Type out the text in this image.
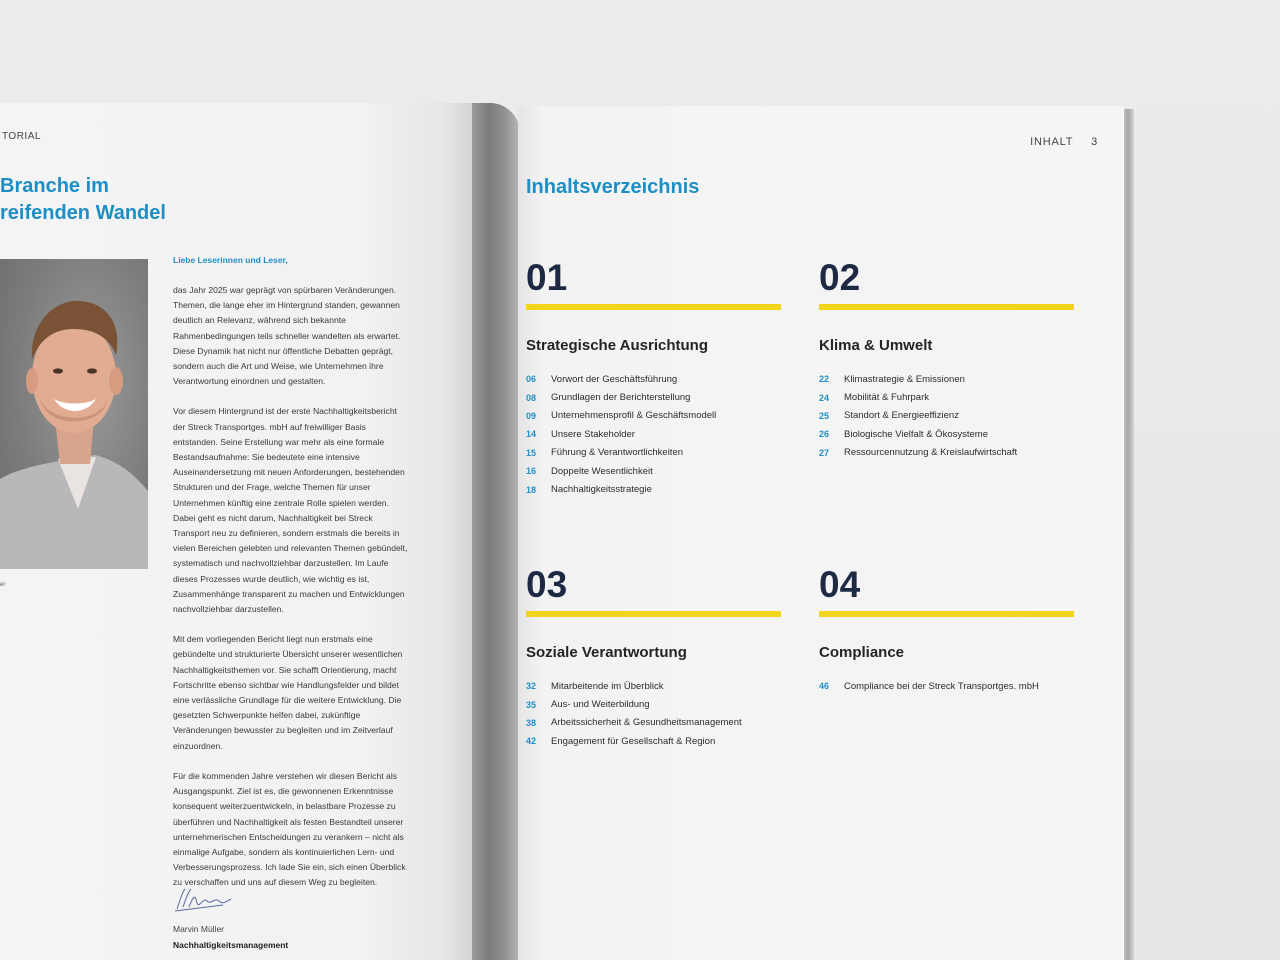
TORIAL
Branche im
reifenden Wandel
er

Liebe Leserinnen und Leser,

das Jahr 2025 war geprägt von spürbaren Veränderungen. Themen, die lange eher im Hintergrund standen, gewannen deutlich an Relevanz, während sich bekannte Rahmenbedingungen teils schneller wandelten als erwartet. Diese Dynamik hat nicht nur öffentliche Debatten geprägt, sondern auch die Art und Weise, wie Unternehmen ihre Verantwortung einordnen und gestalten.

Vor diesem Hintergrund ist der erste Nachhaltigkeitsbericht der Streck Transportges. mbH auf freiwilliger Basis entstanden. Seine Erstellung war mehr als eine formale Bestandsaufnahme: Sie bedeutete eine intensive Auseinandersetzung mit neuen Anforderungen, bestehenden Strukturen und der Frage, welche Themen für unser Unternehmen künftig eine zentrale Rolle spielen werden. Dabei geht es nicht darum, Nachhaltigkeit bei Streck Transport neu zu definieren, sondern erstmals die bereits in vielen Bereichen gelebten und relevanten Themen gebündelt, systematisch und nachvollziehbar darzustellen. Im Laufe dieses Prozesses wurde deutlich, wie wichtig es ist, Zusammenhänge transparent zu machen und Entwicklungen nachvollziehbar darzustellen.

Mit dem vorliegenden Bericht liegt nun erstmals eine gebündelte und strukturierte Übersicht unserer wesentlichen Nachhaltigkeitsthemen vor. Sie schafft Orientierung, macht Fortschritte ebenso sichtbar wie Handlungsfelder und bildet eine verlässliche Grundlage für die weitere Entwicklung. Die gesetzten Schwerpunkte helfen dabei, zukünftige Veränderungen bewusster zu begleiten und im Zeitverlauf einzuordnen.

Für die kommenden Jahre verstehen wir diesen Bericht als Ausgangspunkt. Ziel ist es, die gewonnenen Erkenntnisse konsequent weiterzuentwickeln, in belastbare Prozesse zu überführen und Nachhaltigkeit als festen Bestandteil unserer unternehmerischen Entscheidungen zu verankern – nicht als einmalige Aufgabe, sondern als kontinuierlichen Lern- und Verbesserungsprozess. Ich lade Sie ein, sich einen Überblick zu verschaffen und uns auf diesem Weg zu begleiten.

Marvin Müller
Nachhaltigkeitsmanagement
INHALT 3
Inhaltsverzeichnis
01
Strategische Ausrichtung
06	Vorwort der Geschäftsführung
08	Grundlagen der Berichterstellung
09	Unternehmensprofil & Geschäftsmodell
14	Unsere Stakeholder
15	Führung & Verantwortlichkeiten
16	Doppelte Wesentlichkeit
18	Nachhaltigkeitsstrategie
02
Klima & Umwelt
22	Klimastrategie & Emissionen
24	Mobilität & Fuhrpark
25	Standort & Energieeffizienz
26	Biologische Vielfalt & Ökosysteme
27	Ressourcennutzung & Kreislaufwirtschaft
03
Soziale Verantwortung
32	Mitarbeitende im Überblick
35	Aus- und Weiterbildung
38	Arbeitssicherheit & Gesundheitsmanagement
42	Engagement für Gesellschaft & Region
04
Compliance
46	Compliance bei der Streck Transportges. mbH
